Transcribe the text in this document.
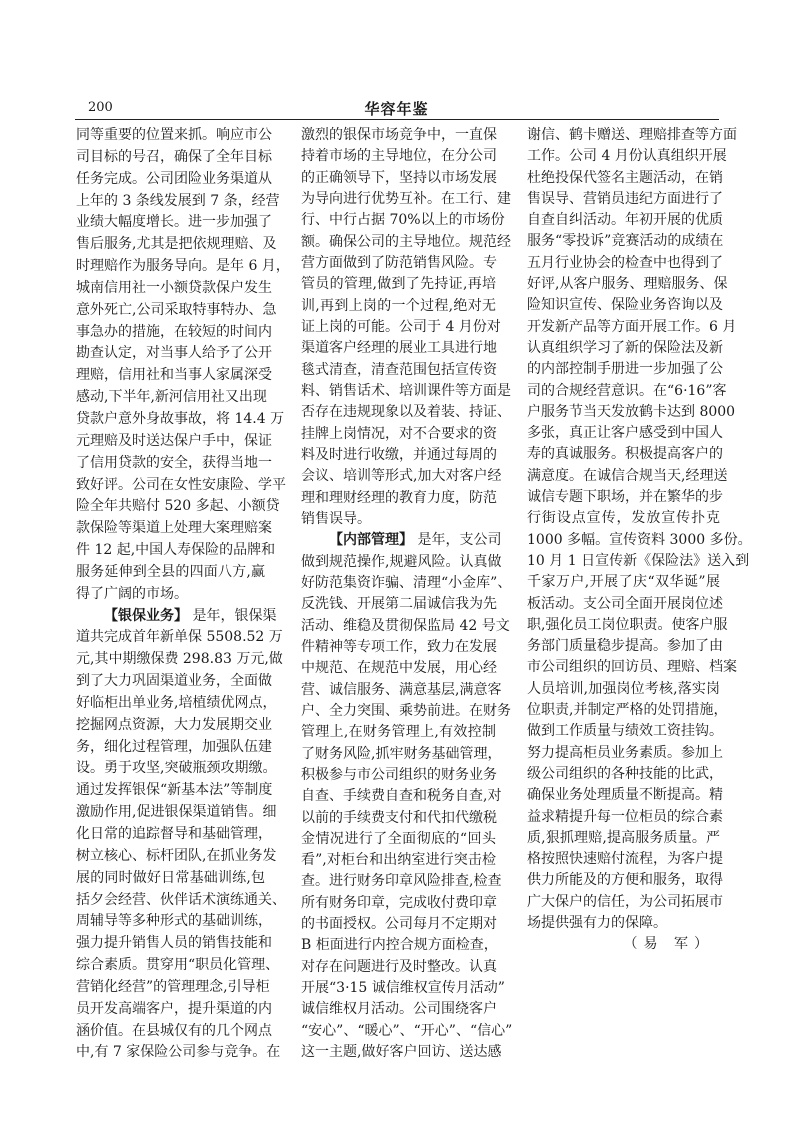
200	华容年鉴
同等重要的位置来抓。响应市公
司目标的号召，确保了全年目标
任务完成。公司团险业务渠道从
上年的 3 条线发展到 7 条，经营
业绩大幅度增长。进一步加强了
售后服务,尤其是把依规理赔、及
时理赔作为服务导向。是年 6 月，
城南信用社一小额贷款保户发生
意外死亡,公司采取特事特办、急
事急办的措施，在较短的时间内
勘查认定，对当事人给予了公开
理赔，信用社和当事人家属深受
感动,下半年,新河信用社又出现
贷款户意外身故事故，将 14.4 万
元理赔及时送达保户手中，保证
了信用贷款的安全，获得当地一
致好评。公司在女性安康险、学平
险全年共赔付 520 多起、小额贷
款保险等渠道上处理大案理赔案
件 12 起,中国人寿保险的品牌和
服务延伸到全县的四面八方,赢
得了广阔的市场。
【银保业务】 是年，银保渠
道共完成首年新单保 5508.52 万
元,其中期缴保费 298.83 万元,做
到了大力巩固渠道业务，全面做
好临柜出单业务,培植绩优网点，
挖掘网点资源，大力发展期交业
务，细化过程管理，加强队伍建
设。勇于攻坚,突破瓶颈攻期缴。
通过发挥银保“新基本法”等制度
激励作用,促进银保渠道销售。细
化日常的追踪督导和基础管理，
树立核心、标杆团队,在抓业务发
展的同时做好日常基础训练,包
括夕会经营、伙伴话术演练通关、
周辅导等多种形式的基础训练，
强力提升销售人员的销售技能和
综合素质。贯穿用“职员化管理、
营销化经营”的管理理念,引导柜
员开发高端客户，提升渠道的内
涵价值。在县城仅有的几个网点
中,有 7 家保险公司参与竞争。在
激烈的银保市场竞争中，一直保
持着市场的主导地位，在分公司
的正确领导下，坚持以市场发展
为导向进行优势互补。在工行、建
行、中行占据 70%以上的市场份
额。确保公司的主导地位。规范经
营方面做到了防范销售风险。专
管员的管理,做到了先持证,再培
训,再到上岗的一个过程,绝对无
证上岗的可能。公司于 4 月份对
渠道客户经理的展业工具进行地
毯式清查，清查范围包括宣传资
料、销售话术、培训课件等方面是
否存在违规现象以及着装、持证、
挂牌上岗情况，对不合要求的资
料及时进行收缴，并通过每周的
会议、培训等形式,加大对客户经
理和理财经理的教育力度，防范
销售误导。
【内部管理】 是年，支公司
做到规范操作,规避风险。认真做
好防范集资诈骗、清理“小金库”、
反洗钱、开展第二届诚信我为先
活动、维稳及贯彻保监局 42 号文
件精神等专项工作，致力在发展
中规范、在规范中发展，用心经
营、诚信服务、满意基层,满意客
户、全力突围、乘势前进。在财务
管理上,在财务管理上,有效控制
了财务风险,抓牢财务基础管理，
积极参与市公司组织的财务业务
自查、手续费自查和税务自查,对
以前的手续费支付和代扣代缴税
金情况进行了全面彻底的“回头
看”,对柜台和出纳室进行突击检
查。进行财务印章风险排查,检查
所有财务印章，完成收付费印章
的书面授权。公司每月不定期对
B 柜面进行内控合规方面检查，
对存在问题进行及时整改。认真
开展“3·15 诚信维权宣传月活动”
诚信维权月活动。公司围绕客户
“安心”、“暖心”、“开心”、“信心”
这一主题,做好客户回访、送达感
谢信、鹤卡赠送、理赔排查等方面
工作。公司 4 月份认真组织开展
杜绝投保代签名主题活动，在销
售误导、营销员违纪方面进行了
自查自纠活动。年初开展的优质
服务“零投诉”竞赛活动的成绩在
五月行业协会的检查中也得到了
好评,从客户服务、理赔服务、保
险知识宣传、保险业务咨询以及
开发新产品等方面开展工作。6 月
认真组织学习了新的保险法及新
的内部控制手册进一步加强了公
司的合规经营意识。在“6·16”客
户服务节当天发放鹤卡达到 8000
多张，真正让客户感受到中国人
寿的真诚服务。积极提高客户的
满意度。在诚信合规当天,经理送
诚信专题下职场，并在繁华的步
行街设点宣传，发放宣传扑克
1000 多幅。宣传资料 3000 多份。
10 月 1 日宣传新《保险法》送入到
千家万户,开展了庆“双华诞”展
板活动。支公司全面开展岗位述
职,强化员工岗位职责。使客户服
务部门质量稳步提高。参加了由
市公司组织的回访员、理赔、档案
人员培训,加强岗位考核,落实岗
位职责,并制定严格的处罚措施，
做到工作质量与绩效工资挂钩。
努力提高柜员业务素质。参加上
级公司组织的各种技能的比武，
确保业务处理质量不断提高。精
益求精提升每一位柜员的综合素
质,狠抓理赔,提高服务质量。严
格按照快速赔付流程，为客户提
供力所能及的方便和服务，取得
广大保户的信任，为公司拓展市
场提供强有力的保障。
（易 军）
